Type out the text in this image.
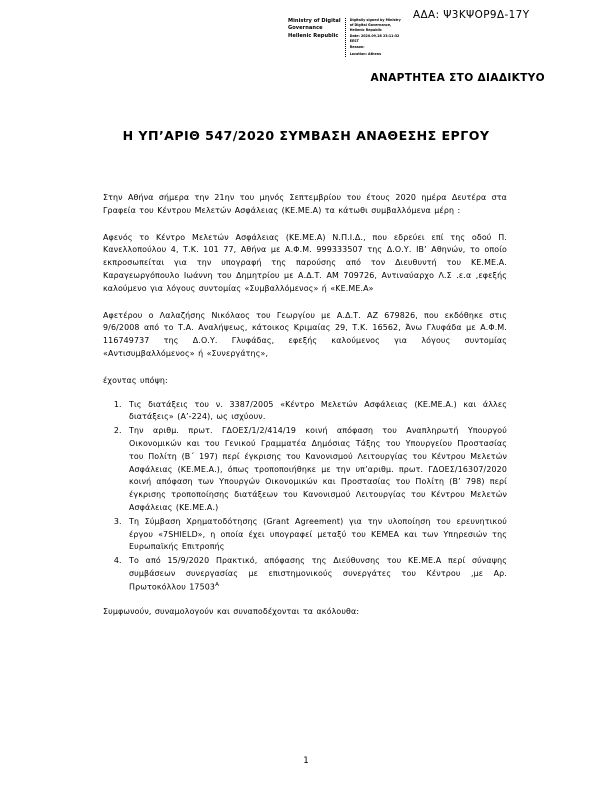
Ministry of Digital
Governance
Hellenic Republic
Digitally signed by Ministry
of Digital Governance,
Hellenic Republic
Date: 2020.09.28 23:11:32
EEST
Reason:
Location: Athens
ΑΔΑ: Ψ3ΚΨΟΡ9Δ-17Υ
ΑΝΑΡΤΗΤΕΑ ΣΤΟ ΔΙΑΔΙΚΤΥΟ
Η ΥΠ’ΑΡΙΘ 547/2020 ΣΥΜΒΑΣΗ ΑΝΑΘΕΣΗΣ ΕΡΓΟΥ

Στην Αθήνα σήμερα την 21ην του μηνός Σεπτεμβρίου του έτους 2020 ημέρα Δευτέρα στα Γραφεία του Κέντρου Μελετών Ασφάλειας (ΚΕ.ΜΕ.Α) τα κάτωθι συμβαλλόμενα μέρη :

Αφενός το Κέντρο Μελετών Ασφάλειας (ΚΕ.ΜΕ.Α) Ν.Π.Ι.Δ., που εδρεύει επί της οδού Π. Κανελλοπούλου 4, Τ.Κ. 101 77, Αθήνα με Α.Φ.Μ. 999333507 της Δ.Ο.Υ. ΙΒ’ Αθηνών, το οποίο εκπροσωπείται για την υπογραφή της παρούσης από τον Διευθυντή του ΚΕ.ΜΕ.Α. Καραγεωργόπουλο Ιωάννη του Δημητρίου με Α.Δ.Τ. ΑΜ 709726, Αντιναύαρχο Λ.Σ .ε.α ,εφεξής καλούμενο για λόγους συντομίας «Συμβαλλόμενος» ή «ΚΕ.ΜΕ.Α»

Αφετέρου ο Λαλαζήσης Νικόλαος του Γεωργίου με Α.Δ.Τ. ΑΖ 679826, που εκδόθηκε στις 9/6/2008 από το Τ.Α. Αναλήψεως, κάτοικος Κριμαίας 29, Τ.Κ. 16562, Άνω Γλυφάδα με Α.Φ.Μ. 116749737 της Δ.Ο.Υ. Γλυφάδας, εφεξής καλούμενος για λόγους συντομίας «Αντισυμβαλλόμενος» ή «Συνεργάτης»,

έχοντας υπόψη:

1. Τις διατάξεις του ν. 3387/2005 «Κέντρο Μελετών Ασφάλειας (ΚΕ.ΜΕ.Α.) και άλλες διατάξεις» (Α’-224), ως ισχύουν.
2. Την αριθμ. πρωτ. ΓΔΟΕΣ/1/2/414/19 κοινή απόφαση του Αναπληρωτή Υπουργού Οικονομικών και του Γενικού Γραμματέα Δημόσιας Τάξης του Υπουργείου Προστασίας του Πολίτη (Β΄ 197) περί έγκρισης του Κανονισμού Λειτουργίας του Κέντρου Μελετών Ασφάλειας (ΚΕ.ΜΕ.Α.), όπως τροποποιήθηκε με την υπ’αριθμ. πρωτ. ΓΔΟΕΣ/16307/2020 κοινή απόφαση των Υπουργών Οικονομικών και Προστασίας του Πολίτη (Β’ 798) περί έγκρισης τροποποίησης διατάξεων του Κανονισμού Λειτουργίας του Κέντρου Μελετών Ασφάλειας (ΚΕ.ΜΕ.Α.)
3. Τη Σύμβαση Χρηματοδότησης (Grant Agreement) για την υλοποίηση του ερευνητικού έργου «7SHIELD», η οποία έχει υπογραφεί μεταξύ του ΚΕΜΕΑ και των Υπηρεσιών της Ευρωπαϊκής Επιτροπής
4. Το από 15/9/2020 Πρακτικό, απόφασης της Διεύθυνσης του ΚΕ.ΜΕ.Α περί σύναψης συμβάσεων συνεργασίας με επιστημονικούς συνεργάτες του Κέντρου ,με Αρ. Πρωτοκόλλου $17503^A$

Συμφωνούν, συναμολογούν και συναποδέχονται τα ακόλουθα:

1
